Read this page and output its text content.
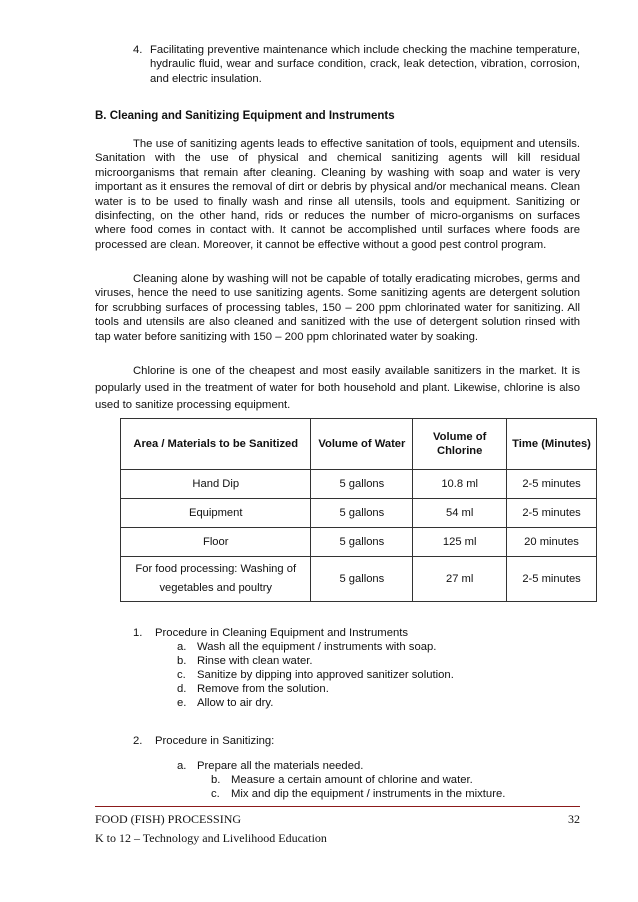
4. Facilitating preventive maintenance which include checking the machine temperature, hydraulic fluid, wear and surface condition, crack, leak detection, vibration, corrosion, and electric insulation.
B. Cleaning and Sanitizing Equipment and Instruments

The use of sanitizing agents leads to effective sanitation of tools, equipment and utensils. Sanitation with the use of physical and chemical sanitizing agents will kill residual microorganisms that remain after cleaning. Cleaning by washing with soap and water is very important as it ensures the removal of dirt or debris by physical and/or mechanical means. Clean water is to be used to finally wash and rinse all utensils, tools and equipment. Sanitizing or disinfecting, on the other hand, rids or reduces the number of micro-organisms on surfaces where food comes in contact with. It cannot be accomplished until surfaces where foods are processed are clean. Moreover, it cannot be effective without a good pest control program.

Cleaning alone by washing will not be capable of totally eradicating microbes, germs and viruses, hence the need to use sanitizing agents. Some sanitizing agents are detergent solution for scrubbing surfaces of processing tables, 150 – 200 ppm chlorinated water for sanitizing. All tools and utensils are also cleaned and sanitized with the use of detergent solution rinsed with tap water before sanitizing with 150 – 200 ppm chlorinated water by soaking.

Chlorine is one of the cheapest and most easily available sanitizers in the market. It is popularly used in the treatment of water for both household and plant. Likewise, chlorine is also used to sanitize processing equipment.

Area / Materials to be Sanitized	Volume of Water	Volume of Chlorine	Time (Minutes)
Hand Dip	5 gallons	10.8 ml	2-5 minutes
Equipment	5 gallons	54 ml	2-5 minutes
Floor	5 gallons	125 ml	20 minutes
For food processing: Washing of vegetables and poultry	5 gallons	27 ml	2-5 minutes
1. Procedure in Cleaning Equipment and Instruments
a. Wash all the equipment / instruments with soap.
b. Rinse with clean water.
c. Sanitize by dipping into approved sanitizer solution.
d. Remove from the solution.
e. Allow to air dry.
2. Procedure in Sanitizing:
a. Prepare all the materials needed.
b. Measure a certain amount of chlorine and water.
c. Mix and dip the equipment / instruments in the mixture.
FOOD (FISH) PROCESSING	32
K to 12 – Technology and Livelihood Education
